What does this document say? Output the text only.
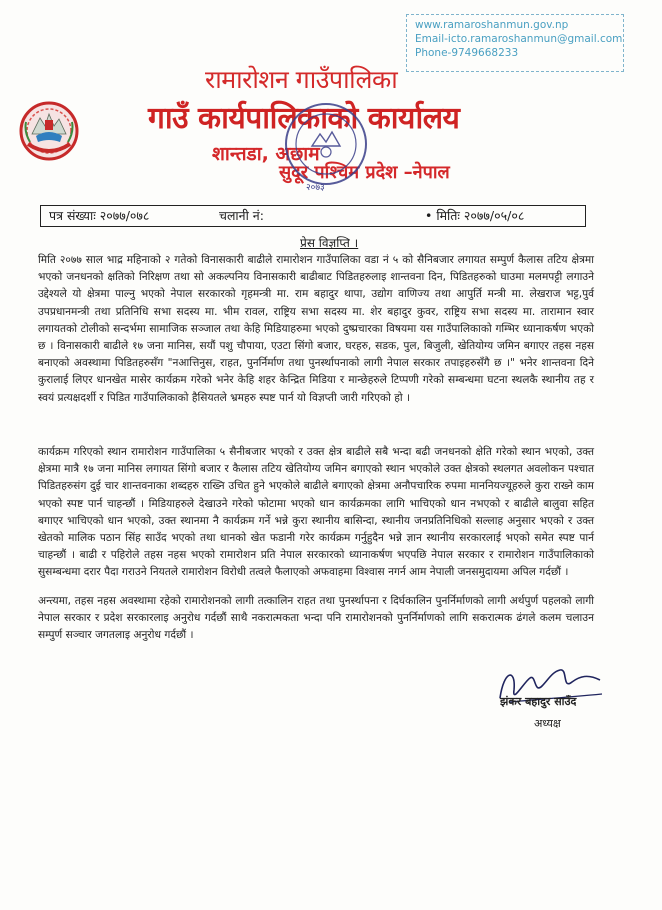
www.ramaroshanmun.gov.np
Email-icto.ramaroshanmun@gmail.com
Phone-9749668233
रामारोशन गाउँपालिका
गाउँ कार्यपालिकाको कार्यालय
शान्तडा, अछाम
सुदूर पश्चिम प्रदेश –नेपाल
२०७३
पत्र संख्याः २०७७/०७८	चलानी नं:	• मितिः २०७७/०५/०८
प्रेस विज्ञप्ति ।
मिति २०७७ साल भाद्र महिनाको २ गतेको विनासकारी बाढीले रामारोशन गाउँपालिका वडा नं ५ को सैनिबजार लगायत सम्पुर्ण कैलास तटिय क्षेत्रमा भएको जनधनको क्षतिको निरिक्षण तथा सो अकल्पनिय विनासकारी बाढीबाट पिडितहरुलाइ शान्तवना दिन, पिडितहरुको घाउमा मलमपट्टी लगाउने उद्देश्यले यो क्षेत्रमा पाल्नु भएको नेपाल सरकारको गृहमन्त्री मा. राम बहादुर थापा, उद्योग वाणिज्य तथा आपुर्ति मन्त्री मा. लेखराज भट्ट,पुर्व उपप्रधानमन्त्री तथा प्रतिनिधि सभा सदस्य मा. भीम रावल, राष्ट्रिय सभा सदस्य मा. शेर बहादुर कुवर, राष्ट्रिय सभा सदस्य मा. तारामान स्वार लगायतको टोलीको सन्दर्भमा सामाजिक सञ्जाल तथा केहि मिडियाहरुमा भएको दुष्प्रचारका विषयमा यस गाउँपालिकाको गम्भिर ध्यानाकर्षण भएको छ । विनासकारी बाढीले १७ जना मानिस, सयौं पशु चौपाया, एउटा सिंगो बजार, घरहरु, सडक, पुल, बिजुली, खेतियोग्य जमिन बगाएर तहस नहस बनाएको अवस्थामा पिडितहरुसँग "नआत्तिनुस, राहत, पुनर्निर्माण तथा पुनर्स्थापनाको लागी नेपाल सरकार तपाइहरुसँगै छ ।" भनेर शान्तवना दिने कुरालाई लिएर धानखेत मासेर कार्यक्रम गरेको भनेर केहि शहर केन्द्रित मिडिया र मान्छेहरुले टिप्पणी गरेको सम्बन्धमा घटना स्थलकै स्थानीय तह र स्वयं प्रत्यक्षदर्शी र पिडित गाउँपालिकाको हैसियतले भ्रमहरु स्पष्ट पार्न यो विज्ञप्ती जारी गरिएको हो ।
कार्यक्रम गरिएको स्थान रामारोशन गाउँपालिका ५ सैनीबजार भएको र उक्त क्षेत्र बाढीले सबै भन्दा बढी जनधनको क्षेति गरेको स्थान भएको, उक्त क्षेत्रमा मात्रै १७ जना मानिस लगायत सिंगो बजार र कैलास तटिय खेतियोग्य जमिन बगाएको स्थान भएकोले उक्त क्षेत्रको स्थलगत अवलोकन पश्चात पिडितहरुसंग दुई चार शान्तवनाका शब्दहरु राख्नि उचित हुने भएकोले बाढीले बगाएको क्षेत्रमा अनौपचारिक रुपमा माननियज्यूहरुले कुरा राख्ने काम भएको स्पष्ट पार्न चाहन्छौं । मिडियाहरुले देखाउने गरेको फोटामा भएको धान कार्यक्रमका लागि भाचिएको धान नभएको र बाढीले बालुवा सहित बगाएर भाचिएको धान भएको, उक्त स्थानमा नै कार्यक्रम गर्ने भन्ने कुरा स्थानीय बासिन्दा, स्थानीय जनप्रतिनिधिको सल्लाह अनुसार भएको र उक्त खेतको मालिक पठान सिंह साउँद भएको तथा धानको खेत फडानी गरेर कार्यक्रम गर्नुहुदैन भन्ने ज्ञान स्थानीय सरकारलाई भएको समेत स्पष्ट पार्न चाहन्छौं । बाढी र पहिरोले तहस नहस भएको रामारोशन प्रति नेपाल सरकारको ध्यानाकर्षण भएपछि नेपाल सरकार र रामारोशन गाउँपालिकाको सुसम्बन्धमा दरार पैदा गराउने नियतले रामारोशन विरोधी तत्वले फैलाएको अफवाहमा विश्वास नगर्न आम नेपाली जनसमुदायमा अपिल गर्दछौं ।
अन्त्यमा, तहस नहस अवस्थामा रहेको रामारोशनको लागी तत्कालिन राहत तथा पुनर्स्थापना र दिर्घकालिन पुनर्निर्माणको लागी अर्थपुर्ण पहलको लागी नेपाल सरकार र प्रदेश सरकारलाइ अनुरोध गर्दछौं साथै नकरात्मकता भन्दा पनि रामारोशनको पुनर्निर्माणको लागि सकरात्मक ढंगले कलम चलाउन सम्पुर्ण सञ्चार जगतलाइ अनुरोध गर्दछौं ।
झंकर बहादुर साउँद
अध्यक्ष
